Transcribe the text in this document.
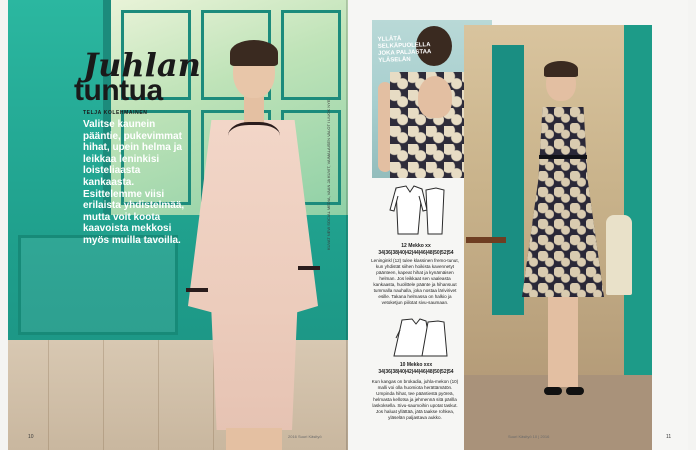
Juhlan
tuntua
TELJA KOLEHMAINEN
Valitse kaunein pääntie, pukevimmat hihat, upein helma ja leikkaa leninkisi loisteliaasta kankaasta. Esittelemme viisi erilaista yhdistelmää, mutta voit koota kaavoista mekkosi myös muilla tavoilla.	KUVAT NEW SOCIAL MEDIA, VAAN JA KUVIT, VAIMALAISEN VALOT I LIUOK NYE
10	2016 Suuri Käsityö
YLLÄTÄ
SELKÄPUOLELLA
JOKA PALJASTAA
YLÄSELÄN
12 Mekko xx
34|36|38|40|42|44|46|48|50|52|54
Leninginkl (12) tulee klassinen fremo-tunut, kun yhdistät siihen hoikista kavennetyt päänteen, kapeat hihat ja kynämäisen helman. Jos leikkaat sen vaaleasta kankaasta, huolittele päänte ja hihansuut tummalla nauhalla, joka nostaa lärivirivet esille. Takana helmassa on halkio ja vetoketjun piilotat sivu-saumaan.
10 Mekko xxx
34|36|38|40|42|44|46|48|50|52|54
Kun kangas on brokadia, juhla-mekon (10) malli voi olla huomiota herättämätön. Umpinda hihat, tee pääntiestä pyöreä, helmasta kellotsa ja jehmennä sitä pärilla laskoksella. Sivu-saumoihin upotat taskut. Jos haluat yllättää, jätä taakse rohkea, yläselän paljastava aukko.
Suuri Käsityö 10 | 2016	11
